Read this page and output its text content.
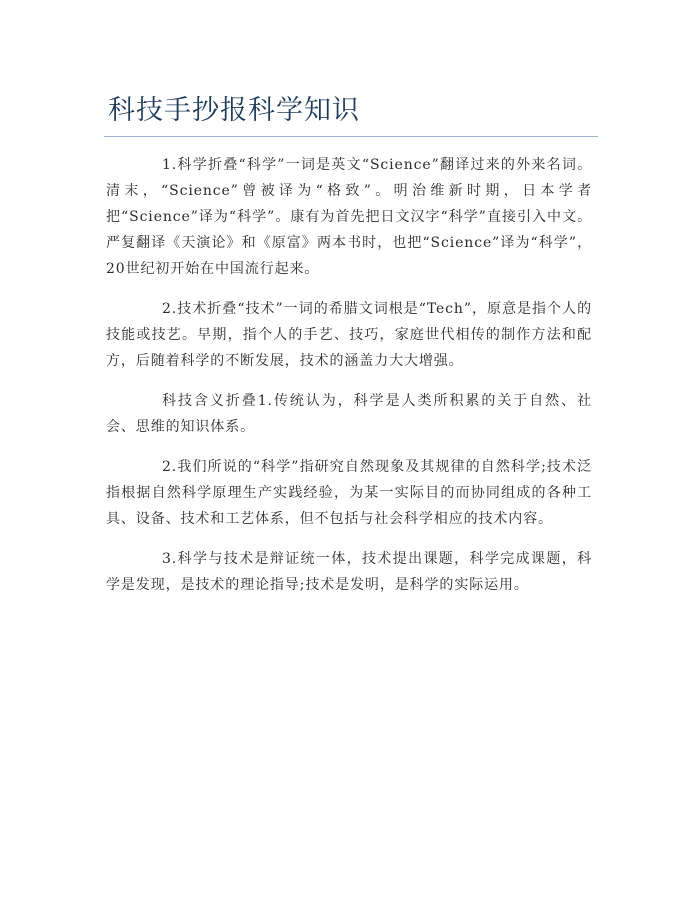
科技手抄报科学知识

1.科学折叠“科学”一词是英文“Science”翻译过来的外来名词。清末，“Science”曾被译为“格致”。明治维新时期，日本学者把“Science”译为“科学”。康有为首先把日文汉字“科学”直接引入中文。严复翻译《天演论》和《原富》两本书时，也把“Science”译为“科学”，20世纪初开始在中国流行起来。

2.技术折叠“技术”一词的希腊文词根是“Tech”，原意是指个人的技能或技艺。早期，指个人的手艺、技巧，家庭世代相传的制作方法和配方，后随着科学的不断发展，技术的涵盖力大大增强。

科技含义折叠1.传统认为，科学是人类所积累的关于自然、社会、思维的知识体系。

2.我们所说的“科学”指研究自然现象及其规律的自然科学;技术泛指根据自然科学原理生产实践经验，为某一实际目的而协同组成的各种工具、设备、技术和工艺体系，但不包括与社会科学相应的技术内容。

3.科学与技术是辩证统一体，技术提出课题，科学完成课题，科学是发现，是技术的理论指导;技术是发明，是科学的实际运用。
